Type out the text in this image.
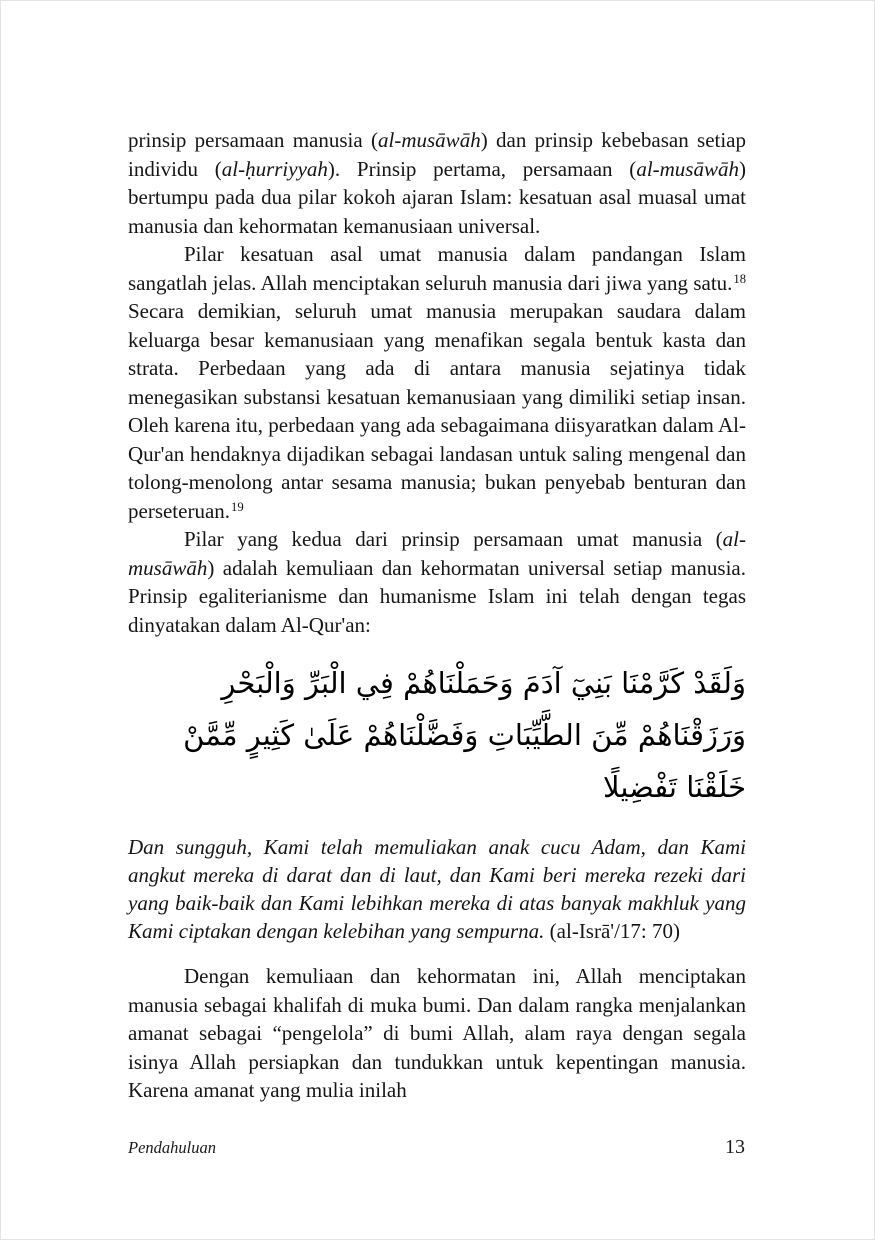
prinsip persamaan manusia (al-musāwāh) dan prinsip kebebasan setiap individu (al-ḥurriyyah). Prinsip pertama, persamaan (al-musāwāh) bertumpu pada dua pilar kokoh ajaran Islam: kesatuan asal muasal umat manusia dan kehormatan kemanusiaan universal.

Pilar kesatuan asal umat manusia dalam pandangan Islam sangatlah jelas. Allah menciptakan seluruh manusia dari jiwa yang satu.$^{18}$ Secara demikian, seluruh umat manusia merupakan saudara dalam keluarga besar kemanusiaan yang menafikan segala bentuk kasta dan strata. Perbedaan yang ada di antara manusia sejatinya tidak menegasikan substansi kesatuan kemanusiaan yang dimiliki setiap insan. Oleh karena itu, perbedaan yang ada sebagaimana diisyaratkan dalam Al-Qur'an hendaknya dijadikan sebagai landasan untuk saling mengenal dan tolong-menolong antar sesama manusia; bukan penyebab benturan dan perseteruan.$^{19}$

Pilar yang kedua dari prinsip persamaan umat manusia (al-musāwāh) adalah kemuliaan dan kehormatan universal setiap manusia. Prinsip egaliterianisme dan humanisme Islam ini telah dengan tegas dinyatakan dalam Al-Qur'an:

وَلَقَدْ كَرَّمْنَا بَنِيٓ آدَمَ وَحَمَلْنَاهُمْ فِي الْبَرِّ وَالْبَحْرِ وَرَزَقْنَاهُمْ مِّنَ الطَّيِّبَاتِ وَفَضَّلْنَاهُمْ عَلَىٰ كَثِيرٍ مِّمَّنْ خَلَقْنَا تَفْضِيلًا

Dan sungguh, Kami telah memuliakan anak cucu Adam, dan Kami angkut mereka di darat dan di laut, dan Kami beri mereka rezeki dari yang baik-baik dan Kami lebihkan mereka di atas banyak makhluk yang Kami ciptakan dengan kelebihan yang sempurna. (al-Isrā'/17: 70)

Dengan kemuliaan dan kehormatan ini, Allah menciptakan manusia sebagai khalifah di muka bumi. Dan dalam rangka menjalankan amanat sebagai “pengelola” di bumi Allah, alam raya dengan segala isinya Allah persiapkan dan tundukkan untuk kepentingan manusia. Karena amanat yang mulia inilah

Pendahuluan	13
